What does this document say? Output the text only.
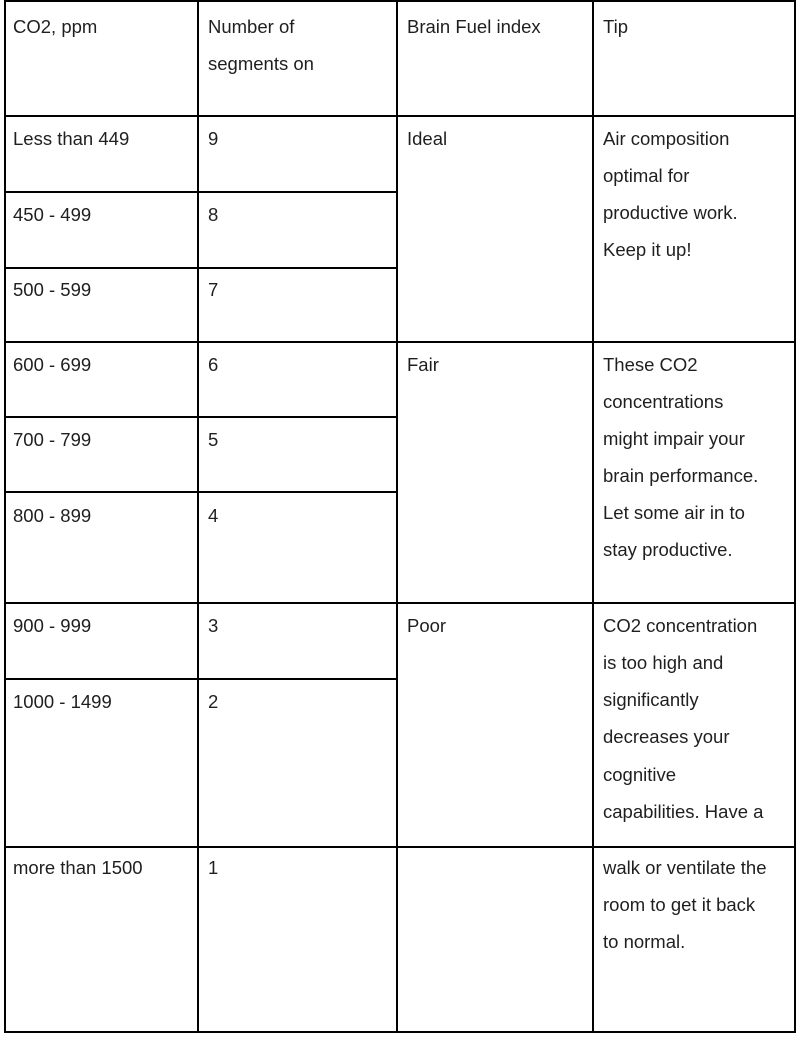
CO2, ppm	Number of
segments on
Brain Fuel index	Tip
Less than 449
450 - 499
500 - 599
600 - 699
700 - 799
800 - 899
900 - 999
1000 - 1499
more than 1500
9
8
7
6
5
4
3
2
1
Ideal
Fair
Poor
Air composition
optimal for
productive work.
Keep it up!
These CO2
concentrations
might impair your
brain performance.
Let some air in to
stay productive.
CO2 concentration
is too high and
significantly
decreases your
cognitive
capabilities. Have a
walk or ventilate the
room to get it back
to normal.
